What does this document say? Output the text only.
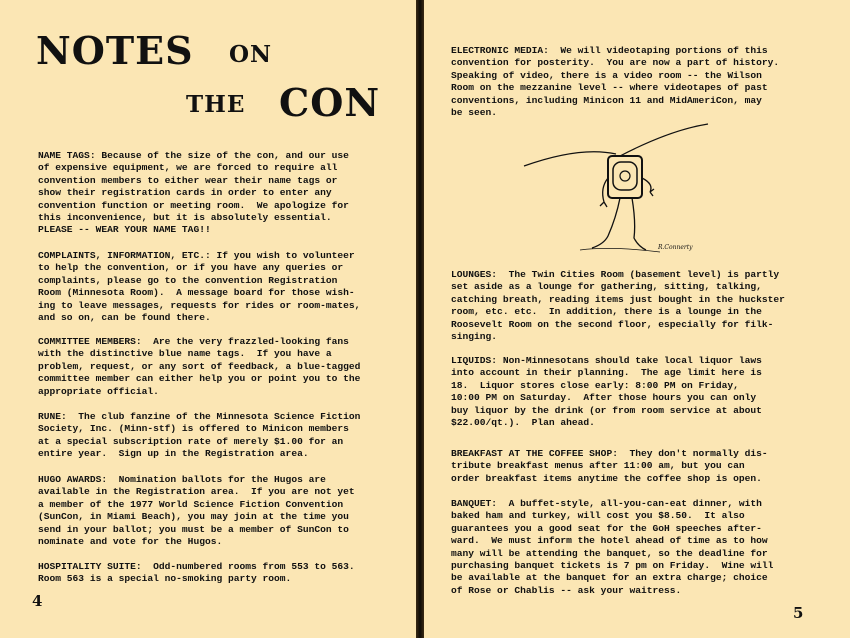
NOTES ON
THE CON
NAME TAGS: Because of the size of the con, and our use
of expensive equipment, we are forced to require all
convention members to either wear their name tags or
show their registration cards in order to enter any
convention function or meeting room.  We apologize for
this inconvenience, but it is absolutely essential.
PLEASE -- WEAR YOUR NAME TAG!!
COMPLAINTS, INFORMATION, ETC.: If you wish to volunteer
to help the convention, or if you have any queries or
complaints, please go to the convention Registration
Room (Minnesota Room).  A message board for those wish-
ing to leave messages, requests for rides or room-mates,
and so on, can be found there.
COMMITTEE MEMBERS:  Are the very frazzled-looking fans
with the distinctive blue name tags.  If you have a
problem, request, or any sort of feedback, a blue-tagged
committee member can either help you or point you to the
appropriate official.
RUNE:  The club fanzine of the Minnesota Science Fiction
Society, Inc. (Minn-stf) is offered to Minicon members
at a special subscription rate of merely $1.00 for an
entire year.  Sign up in the Registration area.
HUGO AWARDS:  Nomination ballots for the Hugos are
available in the Registration area.  If you are not yet
a member of the 1977 World Science Fiction Convention
(SunCon, in Miami Beach), you may join at the time you
send in your ballot; you must be a member of SunCon to
nominate and vote for the Hugos.
HOSPITALITY SUITE:  Odd-numbered rooms from 553 to 563.
Room 563 is a special no-smoking party room.
4
ELECTRONIC MEDIA:  We will videotaping portions of this
convention for posterity.  You are now a part of history.
Speaking of video, there is a video room -- the Wilson
Room on the mezzanine level -- where videotapes of past
conventions, including Minicon 11 and MidAmeriCon, may
be seen.
LOUNGES:  The Twin Cities Room (basement level) is partly
set aside as a lounge for gathering, sitting, talking,
catching breath, reading items just bought in the huckster
room, etc. etc.  In addition, there is a lounge in the
Roosevelt Room on the second floor, especially for filk-
singing.
LIQUIDS: Non-Minnesotans should take local liquor laws
into account in their planning.  The age limit here is
18.  Liquor stores close early: 8:00 PM on Friday,
10:00 PM on Saturday.  After those hours you can only
buy liquor by the drink (or from room service at about
$22.00/qt.).  Plan ahead.
BREAKFAST AT THE COFFEE SHOP:  They don't normally dis-
tribute breakfast menus after 11:00 am, but you can
order breakfast items anytime the coffee shop is open.
BANQUET:  A buffet-style, all-you-can-eat dinner, with
baked ham and turkey, will cost you $8.50.  It also
guarantees you a good seat for the GoH speeches after-
ward.  We must inform the hotel ahead of time as to how
many will be attending the banquet, so the deadline for
purchasing banquet tickets is 7 pm on Friday.  Wine will
be available at the banquet for an extra charge; choice
of Rose or Chablis -- ask your waitress.
5
R.Connerty
